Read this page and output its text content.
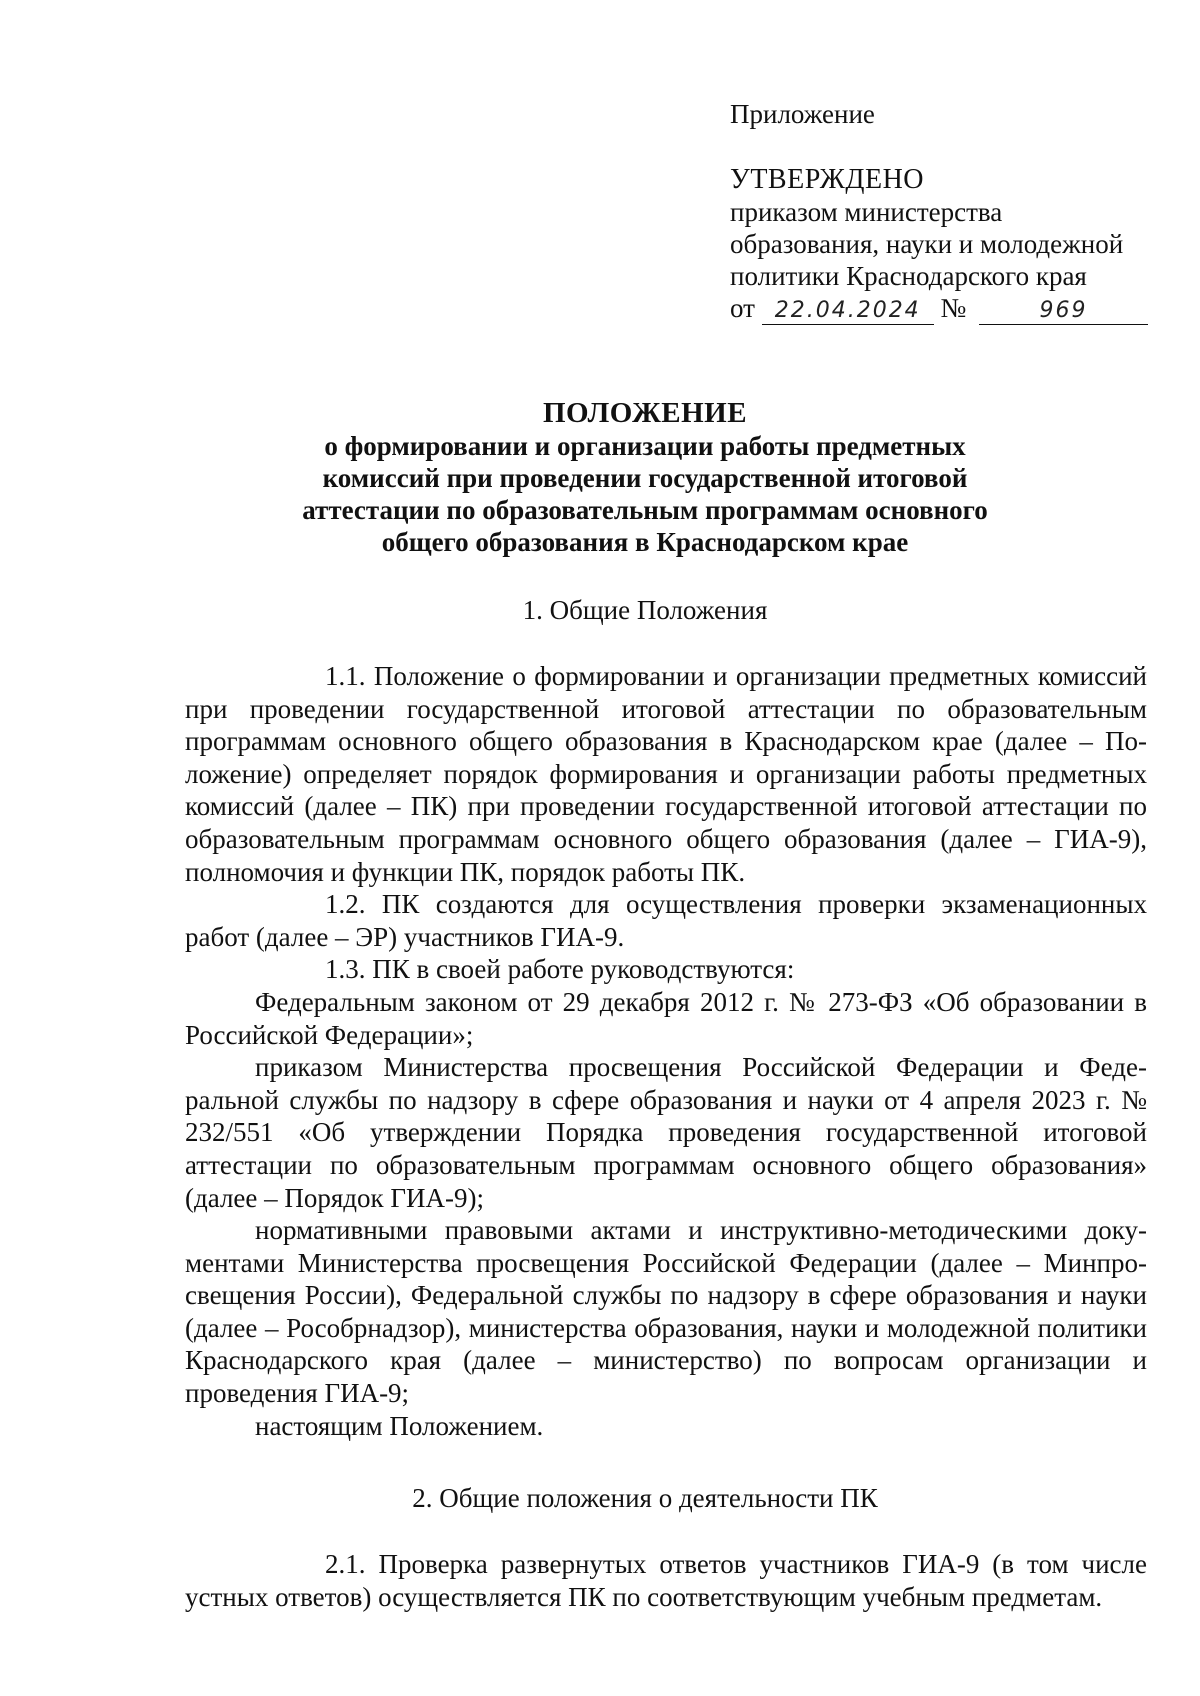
Приложение
УТВЕРЖДЕНО
приказом министерства
образования, науки и молодежной
политики Краснодарского края
от 22.04.2024 №	969
ПОЛОЖЕНИЕ
о формировании и организации работы предметных
комиссий при проведении государственной итоговой
аттестации по образовательным программам основного
общего образования в Краснодарском крае
1. Общие Положения

1.1. Положение о формировании и организации предметных комиссий при проведении государственной итоговой аттестации по образовательным программам основного общего образования в Краснодарском крае (далее – Положение) определяет порядок формирования и организации работы предметных комиссий (далее – ПК) при проведении государственной итоговой аттестации по образовательным программам основного общего образования (далее – ГИА-9), полномочия и функции ПК, порядок работы ПК.

1.2. ПК создаются для осуществления проверки экзаменационных работ (далее – ЭР) участников ГИА-9.

1.3. ПК в своей работе руководствуются:

Федеральным законом от 29 декабря 2012 г. № 273-ФЗ «Об образовании в Российской Федерации»;

приказом Министерства просвещения Российской Федерации и Федеральной службы по надзору в сфере образования и науки от 4 апреля 2023 г. № 232/551 «Об утверждении Порядка проведения государственной итоговой аттестации по образовательным программам основного общего образования» (далее – Порядок ГИА-9);

нормативными правовыми актами и инструктивно-методическими документами Министерства просвещения Российской Федерации (далее – Минпросвещения России), Федеральной службы по надзору в сфере образования и науки (далее – Рособрнадзор), министерства образования, науки и молодежной политики Краснодарского края (далее – министерство) по вопросам организации и проведения ГИА-9;

настоящим Положением.

2. Общие положения о деятельности ПК

2.1. Проверка развернутых ответов участников ГИА-9 (в том числе устных ответов) осуществляется ПК по соответствующим учебным предметам.
